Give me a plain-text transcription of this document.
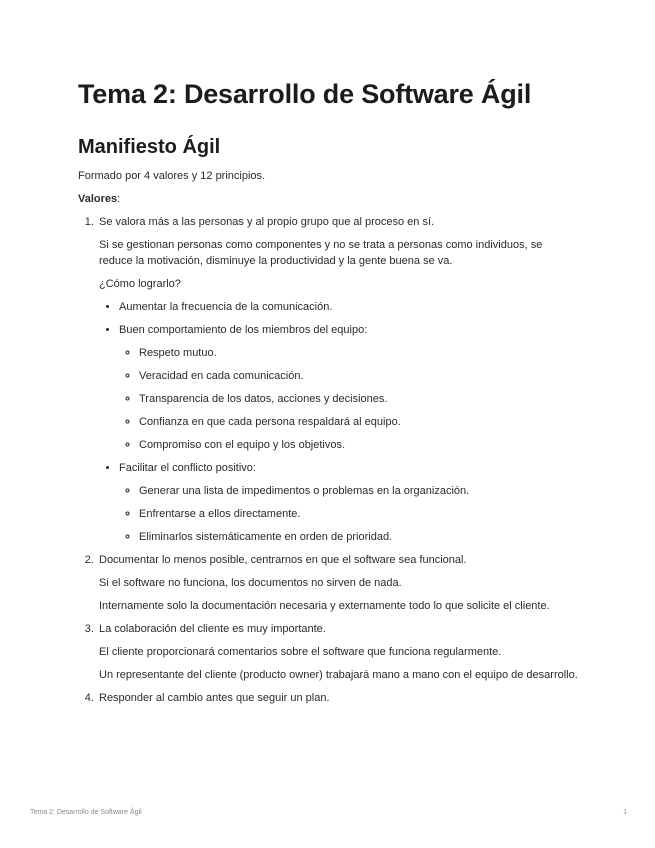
Tema 2: Desarrollo de Software Ágil
Manifiesto Ágil

Formado por 4 valores y 12 principios.

Valores:

1. Se valora más a las personas y al propio grupo que al proceso en sí.

Si se gestionan personas como componentes y no se trata a personas como individuos, se reduce la motivación, disminuye la productividad y la gente buena se va.

¿Cómo lograrlo?

• Aumentar la frecuencia de la comunicación.
• Buen comportamiento de los miembros del equipo:
◦ Respeto mutuo.
◦ Veracidad en cada comunicación.
◦ Transparencia de los datos, acciones y decisiones.
◦ Confianza en que cada persona respaldará al equipo.
◦ Compromiso con el equipo y los objetivos.
• Facilitar el conflicto positivo:
◦ Generar una lista de impedimentos o problemas en la organización.
◦ Enfrentarse a ellos directamente.
◦ Eliminarlos sistemáticamente en orden de prioridad.
2. Documentar lo menos posible, centrarnos en que el software sea funcional.

Si el software no funciona, los documentos no sirven de nada.

Internamente solo la documentación necesaria y externamente todo lo que solicite el cliente.

3. La colaboración del cliente es muy importante.

El cliente proporcionará comentarios sobre el software que funciona regularmente.

Un representante del cliente (producto owner) trabajará mano a mano con el equipo de desarrollo.

4. Responder al cambio antes que seguir un plan.
Tema 2: Desarrollo de Software Ágil	1
